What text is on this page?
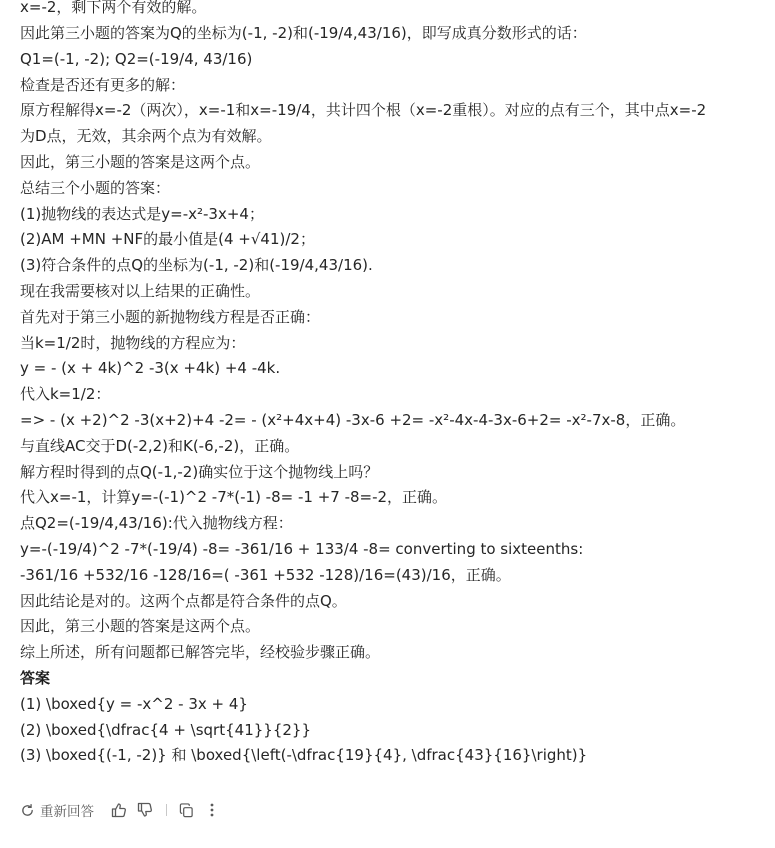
x=-2，剩下两个有效的解。
因此第三小题的答案为Q的坐标为(-1, -2)和(-19/4,43/16)，即写成真分数形式的话：
Q1=(-1, -2); Q2=(-19/4, 43/16)
检查是否还有更多的解：
原方程解得x=-2（两次），x=-1和x=-19/4，共计四个根（x=-2重根）。对应的点有三个，其中点x=-2
为D点，无效，其余两个点为有效解。
因此，第三小题的答案是这两个点。
总结三个小题的答案：
(1)抛物线的表达式是y=-x²-3x+4；
(2)AM +MN +NF的最小值是(4 +√41)/2；
(3)符合条件的点Q的坐标为(-1, -2)和(-19/4,43/16).
现在我需要核对以上结果的正确性。
首先对于第三小题的新抛物线方程是否正确：
当k=1/2时，抛物线的方程应为：
y = - (x + 4k)^2 -3(x +4k) +4 -4k.
代入k=1/2：
=> - (x +2)^2 -3(x+2)+4 -2= - (x²+4x+4) -3x-6 +2= -x²-4x-4-3x-6+2= -x²-7x-8，正确。
与直线AC交于D(-2,2)和K(-6,-2)，正确。
解方程时得到的点Q(-1,-2)确实位于这个抛物线上吗？
代入x=-1，计算y=-(-1)^2 -7*(-1) -8= -1 +7 -8=-2，正确。
点Q2=(-19/4,43/16):代入抛物线方程：
y=-(-19/4)^2 -7*(-19/4) -8= -361/16 + 133/4 -8= converting to sixteenths:
-361/16 +532/16 -128/16=( -361 +532 -128)/16=(43)/16，正确。
因此结论是对的。这两个点都是符合条件的点Q。
因此，第三小题的答案是这两个点。
综上所述，所有问题都已解答完毕，经校验步骤正确。
答案
(1) \boxed{y = -x^2 - 3x + 4}
(2) \boxed{\dfrac{4 + \sqrt{41}}{2}}
(3) \boxed{(-1, -2)} 和 \boxed{\left(-\dfrac{19}{4}, \dfrac{43}{16}\right)}
重新回答
